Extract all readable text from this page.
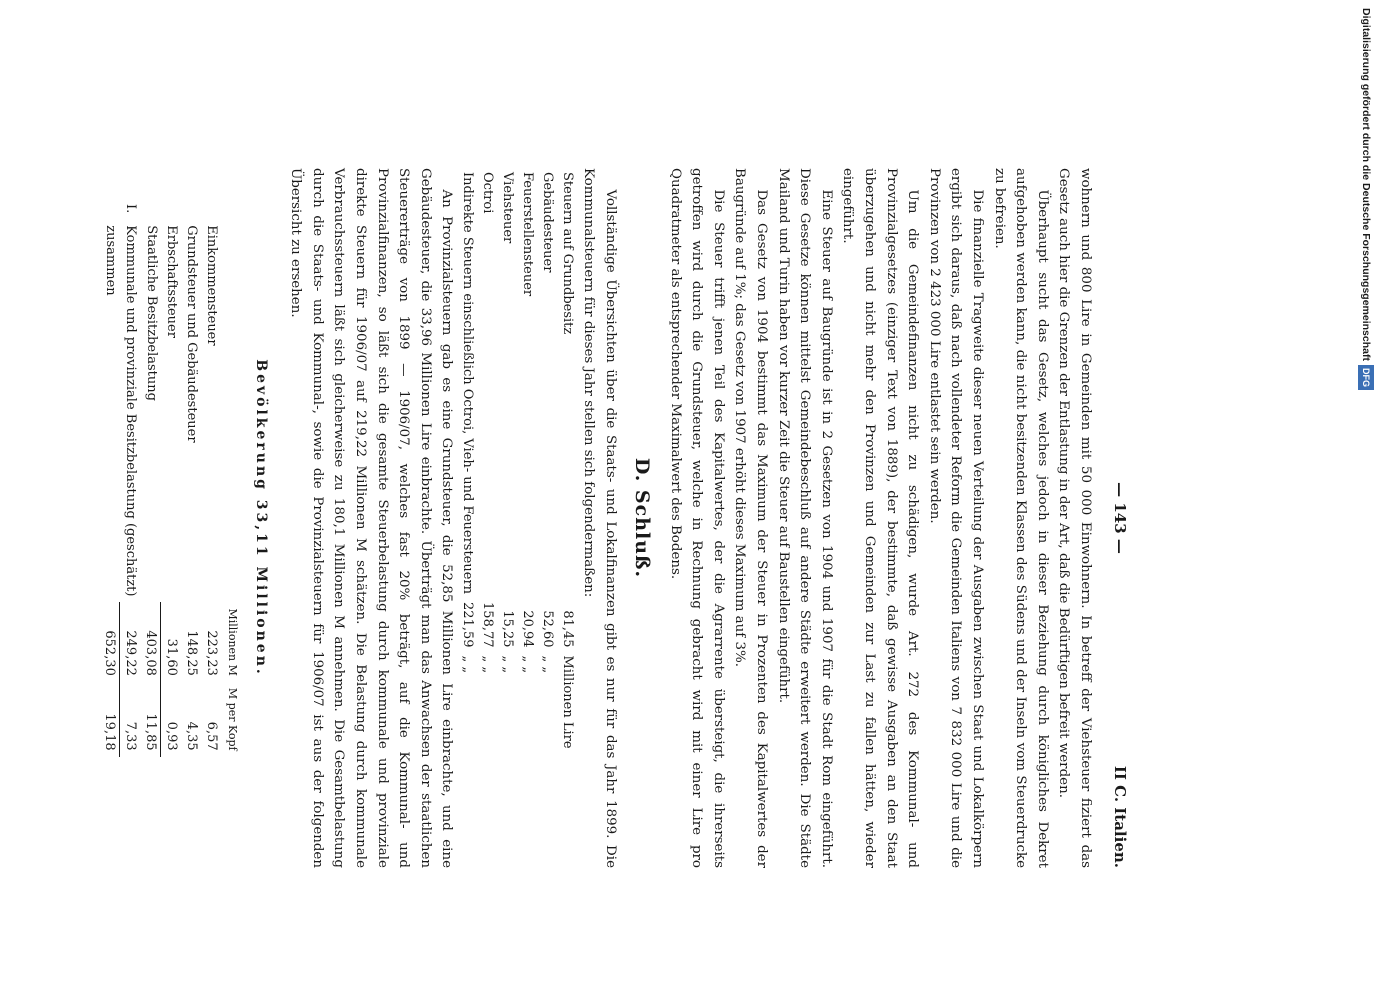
— 143 —
II C. Italien.

wohnern und 800 Lire in Gemeinden mit 50 000 Einwohnern. In betreff der Viehsteuer fiziert das Gesetz auch hier die Grenzen der Entlastung in der Art, daß die Bedürftigen befreit werden.

Überhaupt sucht das Gesetz, welches jedoch in dieser Beziehung durch königliches Dekret aufgehoben werden kann, die nicht besitzenden Klassen des Südens und der Inseln vom Steuerdrucke zu befreien.

Die finanzielle Tragweite dieser neuen Verteilung der Ausgaben zwischen Staat und Lokalkörpern ergibt sich daraus, daß nach vollendeter Reform die Gemeinden Italiens von 7 832 000 Lire und die Provinzen von 2 423 000 Lire entlastet sein werden.

Um die Gemeindefinanzen nicht zu schädigen, wurde Art. 272 des Kommunal- und Provinzialgesetzes (einziger Text von 1889), der bestimmte, daß gewisse Ausgaben an den Staat überzugehen und nicht mehr den Provinzen und Gemeinden zur Last zu fallen hätten, wieder eingeführt.

Eine Steuer auf Baugründe ist in 2 Gesetzen von 1904 und 1907 für die Stadt Rom eingeführt. Diese Gesetze können mittelst Gemeindebeschluß auf andere Städte erweitert werden. Die Städte Mailand und Turin haben vor kurzer Zeit die Steuer auf Baustellen eingeführt.

Das Gesetz von 1904 bestimmt das Maximum der Steuer in Prozenten des Kapitalwertes der Baugründe auf 1%; das Gesetz von 1907 erhöht dieses Maximum auf 3%.

Die Steuer trifft jenen Teil des Kapitalwertes, der die Agrarrente übersteigt, die ihrerseits getroffen wird durch die Grundsteuer, welche in Rechnung gebracht wird mit einer Lire pro Quadratmeter als entsprechender Maximalwert des Bodens.

D. Schluß.

Vollständige Übersichten über die Staats- und Lokalfinanzen gibt es nur für das Jahr 1899. Die Kommunalsteuern für dieses Jahr stellen sich folgendermaßen:

Steuern auf Grundbesitz	81,45	Millionen Lire
Gebäudesteuer	52,60	„ „
Feuerstellensteuer	20,94	„ „
Viehsteuer	15,25	„ „
Octroi	158,77	„ „
Indirekte Steuern einschließlich Octroi, Vieh- und Feuersteuern	221,59	„ „

An Provinzialsteuern gab es eine Grundsteuer, die 52,85 Millionen Lire einbrachte, und eine Gebäudesteuer, die 33,96 Millionen Lire einbrachte. Überträgt man das Anwachsen der staatlichen Steuererträge von 1899 — 1906/07, welches fast 20% beträgt, auf die Kommunal- und Provinzialfinanzen, so läßt sich die gesamte Steuerbelastung durch kommunale und provinziale direkte Steuern für 1906/07 auf 219,22 Millionen M schätzen. Die Belastung durch kommunale Verbrauchssteuern läßt sich gleicherweise zu 180,1 Millionen M annehmen. Die Gesamtbelastung durch die Staats- und Kommunal-, sowie die Provinzialsteuern für 1906/07 ist aus der folgenden Übersicht zu ersehen.

Bevölkerung 33,11 Millionen.
		Millionen M	M per Kopf
	Einkommensteuer	223,23	6,57
	Grundsteuer und Gebäudesteuer	148,25	4,35
	Erbschaftssteuer	31,60	0,93
	Staatliche Besitzbelastung	403,08	11,85
I.	Kommunale und provinziale Besitzbelastung (geschätzt)	249,22	7,33
	zusammen	652,30	19,18
Digitalisierung gefördert durch die Deutsche ForschungsgemeinschaftDFG
